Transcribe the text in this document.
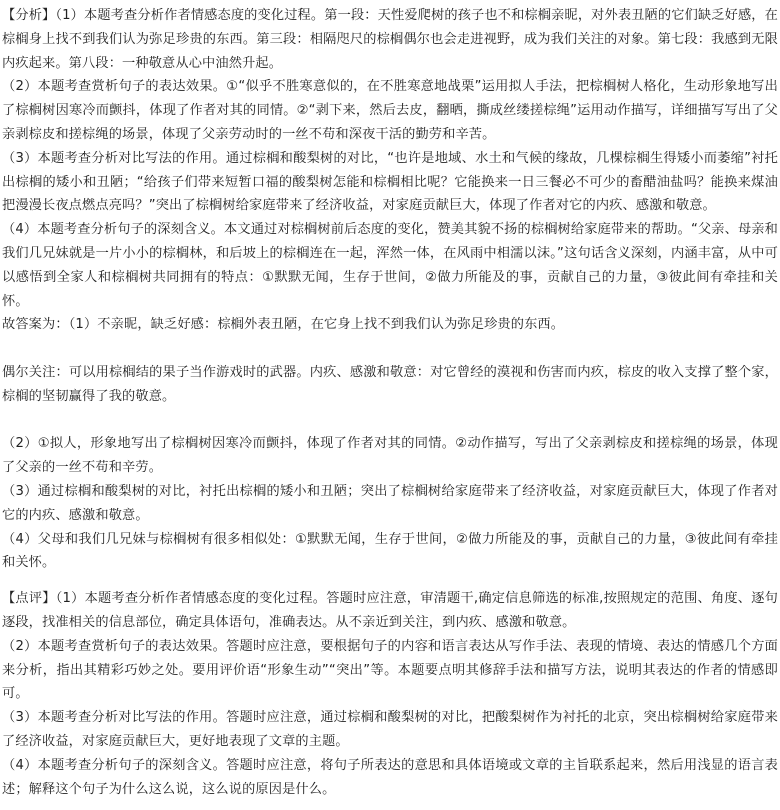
【分析】（1）本题考查分析作者情感态度的变化过程。第一段：天性爱爬树的孩子也不和棕榈亲昵，对外表丑陋的它们缺乏好感，在棕榈身上找不到我们认为弥足珍贵的东西。第三段：相隔咫尺的棕榈偶尔也会走进视野，成为我们关注的对象。第七段：我感到无限内疚起来。第八段：一种敬意从心中油然升起。

（2）本题考查赏析句子的表达效果。①“似乎不胜寒意似的，在不胜寒意地战栗”运用拟人手法，把棕榈树人格化，生动形象地写出了棕榈树因寒冷而颤抖，体现了作者对其的同情。②“剥下来，然后去皮，翻晒，撕成丝缕搓棕绳”运用动作描写，详细描写写出了父亲剥棕皮和搓棕绳的场景，体现了父亲劳动时的一丝不苟和深夜干活的勤劳和辛苦。

（3）本题考查分析对比写法的作用。通过棕榈和酸梨树的对比，“也许是地域、水土和气候的缘故，几棵棕榈生得矮小而萎缩”衬托出棕榈的矮小和丑陋；“给孩子们带来短暂口福的酸梨树怎能和棕榈相比呢？它能换来一日三餐必不可少的畜醋油盐吗？能换来煤油把漫漫长夜点燃点亮吗？”突出了棕榈树给家庭带来了经济收益，对家庭贡献巨大，体现了作者对它的内疚、感激和敬意。

（4）本题考查分析句子的深刻含义。本文通过对棕榈树前后态度的变化，赞美其貌不扬的棕榈树给家庭带来的帮助。“父亲、母亲和我们几兄妹就是一片小小的棕榈林，和后坡上的棕榈连在一起，浑然一体，在风雨中相濡以沫。”这句话含义深刻，内涵丰富，从中可以感悟到全家人和棕榈树共同拥有的特点：①默默无闻，生存于世间，②做力所能及的事，贡献自己的力量，③彼此间有牵挂和关怀。

故答案为：（1）不亲昵，缺乏好感：棕榈外表丑陋，在它身上找不到我们认为弥足珍贵的东西。

偶尔关注：可以用棕榈结的果子当作游戏时的武器。内疚、感激和敬意：对它曾经的漠视和伤害而内疚，棕皮的收入支撑了整个家，棕榈的坚韧赢得了我的敬意。

（2）①拟人，形象地写出了棕榈树因寒冷而颤抖，体现了作者对其的同情。②动作描写，写出了父亲剥棕皮和搓棕绳的场景，体现了父亲的一丝不苟和辛劳。

（3）通过棕榈和酸梨树的对比，衬托出棕榈的矮小和丑陋；突出了棕榈树给家庭带来了经济收益，对家庭贡献巨大，体现了作者对它的内疚、感激和敬意。

（4）父母和我们几兄妹与棕榈树有很多相似处：①默默无闻，生存于世间，②做力所能及的事，贡献自己的力量，③彼此间有牵挂和关怀。

【点评】（1）本题考查分析作者情感态度的变化过程。答题时应注意，审清题干,确定信息筛选的标准,按照规定的范围、角度、逐句逐段，找准相关的信息部位，确定具体语句，准确表达。从不亲近到关注，到内疚、感激和敬意。

（2）本题考查赏析句子的表达效果。答题时应注意，要根据句子的内容和语言表达从写作手法、表现的情境、表达的情感几个方面来分析，指出其精彩巧妙之处。要用评价语“形象生动”“突出”等。本题要点明其修辞手法和描写方法，说明其表达的作者的情感即可。

（3）本题考查分析对比写法的作用。答题时应注意，通过棕榈和酸梨树的对比，把酸梨树作为衬托的北京，突出棕榈树给家庭带来了经济收益，对家庭贡献巨大，更好地表现了文章的主题。

（4）本题考查分析句子的深刻含义。答题时应注意，将句子所表达的意思和具体语境或文章的主旨联系起来，然后用浅显的语言表述；解释这个句子为什么这么说，这么说的原因是什么。
